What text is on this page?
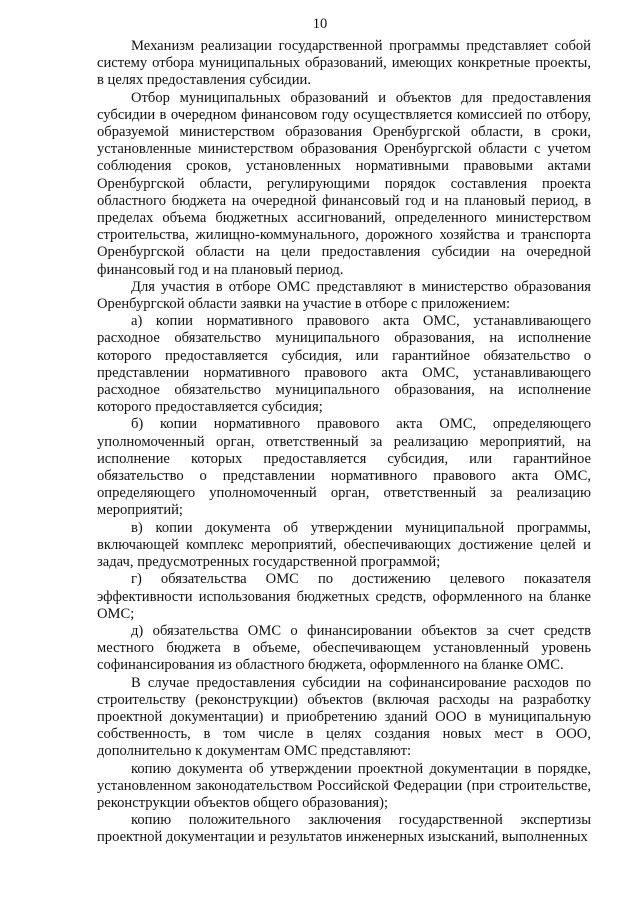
10

Механизм реализации государственной программы представляет собой систему отбора муниципальных образований, имеющих конкретные проекты, в целях предоставления субсидии.

Отбор муниципальных образований и объектов для предоставления субсидии в очередном финансовом году осуществляется комиссией по отбору, образуемой министерством образования Оренбургской области, в сроки, установленные министерством образования Оренбургской области с учетом соблюдения сроков, установленных нормативными правовыми актами Оренбургской области, регулирующими порядок составления проекта областного бюджета на очередной финансовый год и на плановый период, в пределах объема бюджетных ассигнований, определенного министерством строительства, жилищно-коммунального, дорожного хозяйства и транспорта Оренбургской области на цели предоставления субсидии на очередной финансовый год и на плановый период.

Для участия в отборе ОМС представляют в министерство образования Оренбургской области заявки на участие в отборе с приложением:

а) копии нормативного правового акта ОМС, устанавливающего расходное обязательство муниципального образования, на исполнение которого предоставляется субсидия, или гарантийное обязательство о представлении нормативного правового акта ОМС, устанавливающего расходное обязательство муниципального образования, на исполнение которого предоставляется субсидия;

б) копии нормативного правового акта ОМС, определяющего уполномоченный орган, ответственный за реализацию мероприятий, на исполнение которых предоставляется субсидия, или гарантийное обязательство о представлении нормативного правового акта ОМС, определяющего уполномоченный орган, ответственный за реализацию мероприятий;

в) копии документа об утверждении муниципальной программы, включающей комплекс мероприятий, обеспечивающих достижение целей и задач, предусмотренных государственной программой;

г) обязательства ОМС по достижению целевого показателя эффективности использования бюджетных средств, оформленного на бланке ОМС;

д) обязательства ОМС о финансировании объектов за счет средств местного бюджета в объеме, обеспечивающем установленный уровень софинансирования из областного бюджета, оформленного на бланке ОМС.

В случае предоставления субсидии на софинансирование расходов по строительству (реконструкции) объектов (включая расходы на разработку проектной документации) и приобретению зданий ООО в муниципальную собственность, в том числе в целях создания новых мест в ООО, дополнительно к документам ОМС представляют:

копию документа об утверждении проектной документации в порядке, установленном законодательством Российской Федерации (при строительстве, реконструкции объектов общего образования);

копию положительного заключения государственной экспертизы проектной документации и результатов инженерных изысканий, выполненных
